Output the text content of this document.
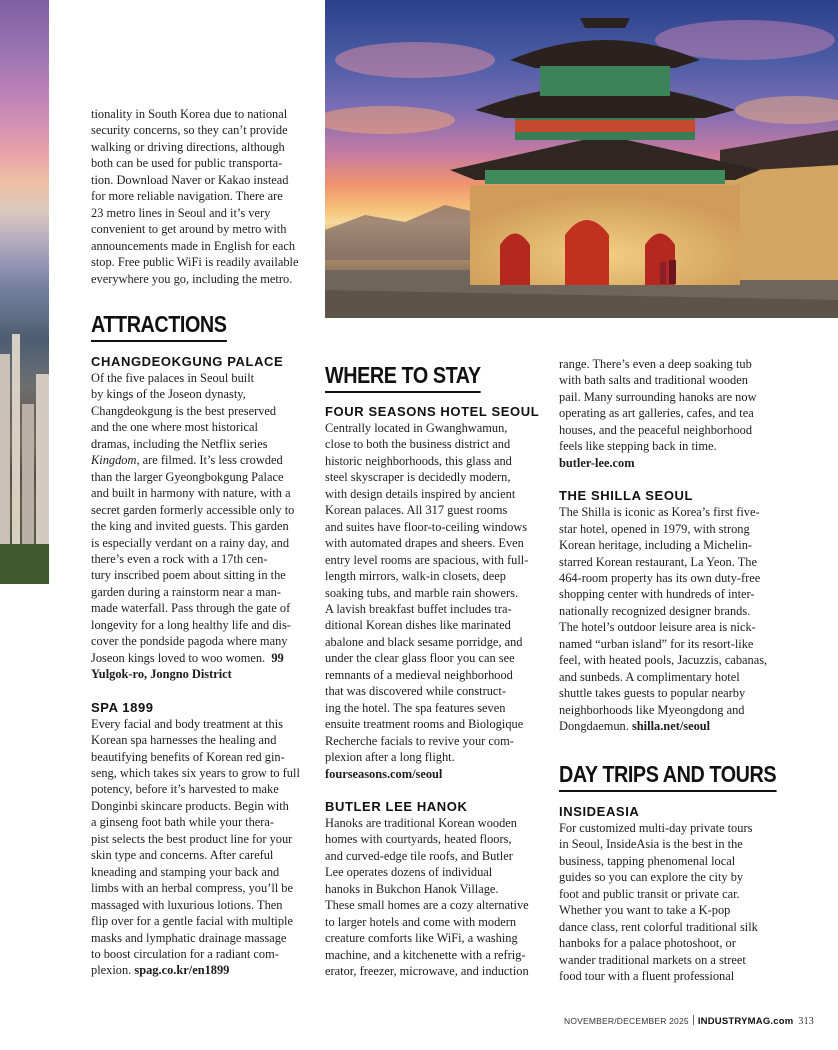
tionality in South Korea due to national

security concerns, so they can’t provide

walking or driving directions, although

both can be used for public transporta-

tion. Download Naver or Kakao instead

for more reliable navigation. There are

23 metro lines in Seoul and it’s very

convenient to get around by metro with

announcements made in English for each

stop. Free public WiFi is readily available

everywhere you go, including the metro.

ATTRACTIONS
CHANGDEOKGUNG PALACE

Of the five palaces in Seoul built

by kings of the Joseon dynasty,

Changdeokgung is the best preserved

and the one where most historical

dramas, including the Netflix series

Kingdom, are filmed. It’s less crowded

than the larger Gyeongbokgung Palace

and built in harmony with nature, with a

secret garden formerly accessible only to

the king and invited guests. This garden

is especially verdant on a rainy day, and

there’s even a rock with a 17th cen-

tury inscribed poem about sitting in the

garden during a rainstorm near a man-

made waterfall. Pass through the gate of

longevity for a long healthy life and dis-

cover the pondside pagoda where many

Joseon kings loved to woo women. 99

Yulgok-ro, Jongno District

SPA 1899

Every facial and body treatment at this

Korean spa harnesses the healing and

beautifying benefits of Korean red gin-

seng, which takes six years to grow to full

potency, before it’s harvested to make

Donginbi skincare products. Begin with

a ginseng foot bath while your thera-

pist selects the best product line for your

skin type and concerns. After careful

kneading and stamping your back and

limbs with an herbal compress, you’ll be

massaged with luxurious lotions. Then

flip over for a gentle facial with multiple

masks and lymphatic drainage massage

to boost circulation for a radiant com-

plexion. spag.co.kr/en1899

WHERE TO STAY
FOUR SEASONS HOTEL SEOUL

Centrally located in Gwanghwamun,

close to both the business district and

historic neighborhoods, this glass and

steel skyscraper is decidedly modern,

with design details inspired by ancient

Korean palaces. All 317 guest rooms

and suites have floor-to-ceiling windows

with automated drapes and sheers. Even

entry level rooms are spacious, with full-

length mirrors, walk-in closets, deep

soaking tubs, and marble rain showers.

A lavish breakfast buffet includes tra-

ditional Korean dishes like marinated

abalone and black sesame porridge, and

under the clear glass floor you can see

remnants of a medieval neighborhood

that was discovered while construct-

ing the hotel. The spa features seven

ensuite treatment rooms and Biologique

Recherche facials to revive your com-

plexion after a long flight.

fourseasons.com/seoul

BUTLER LEE HANOK

Hanoks are traditional Korean wooden

homes with courtyards, heated floors,

and curved-edge tile roofs, and Butler

Lee operates dozens of individual

hanoks in Bukchon Hanok Village.

These small homes are a cozy alternative

to larger hotels and come with modern

creature comforts like WiFi, a washing

machine, and a kitchenette with a refrig-

erator, freezer, microwave, and induction

range. There’s even a deep soaking tub

with bath salts and traditional wooden

pail. Many surrounding hanoks are now

operating as art galleries, cafes, and tea

houses, and the peaceful neighborhood

feels like stepping back in time.

butler-lee.com

THE SHILLA SEOUL

The Shilla is iconic as Korea’s first five-

star hotel, opened in 1979, with strong

Korean heritage, including a Michelin-

starred Korean restaurant, La Yeon. The

464-room property has its own duty-free

shopping center with hundreds of inter-

nationally recognized designer brands.

The hotel’s outdoor leisure area is nick-

named “urban island” for its resort-like

feel, with heated pools, Jacuzzis, cabanas,

and sunbeds. A complimentary hotel

shuttle takes guests to popular nearby

neighborhoods like Myeongdong and

Dongdaemun. shilla.net/seoul

DAY TRIPS AND TOURS
INSIDEASIA

For customized multi-day private tours

in Seoul, InsideAsia is the best in the

business, tapping phenomenal local

guides so you can explore the city by

foot and public transit or private car.

Whether you want to take a K-pop

dance class, rent colorful traditional silk

hanboks for a palace photoshoot, or

wander traditional markets on a street

food tour with a fluent professional

NOVEMBER/DECEMBER 2025 INDUSTRYMAG.com 313
